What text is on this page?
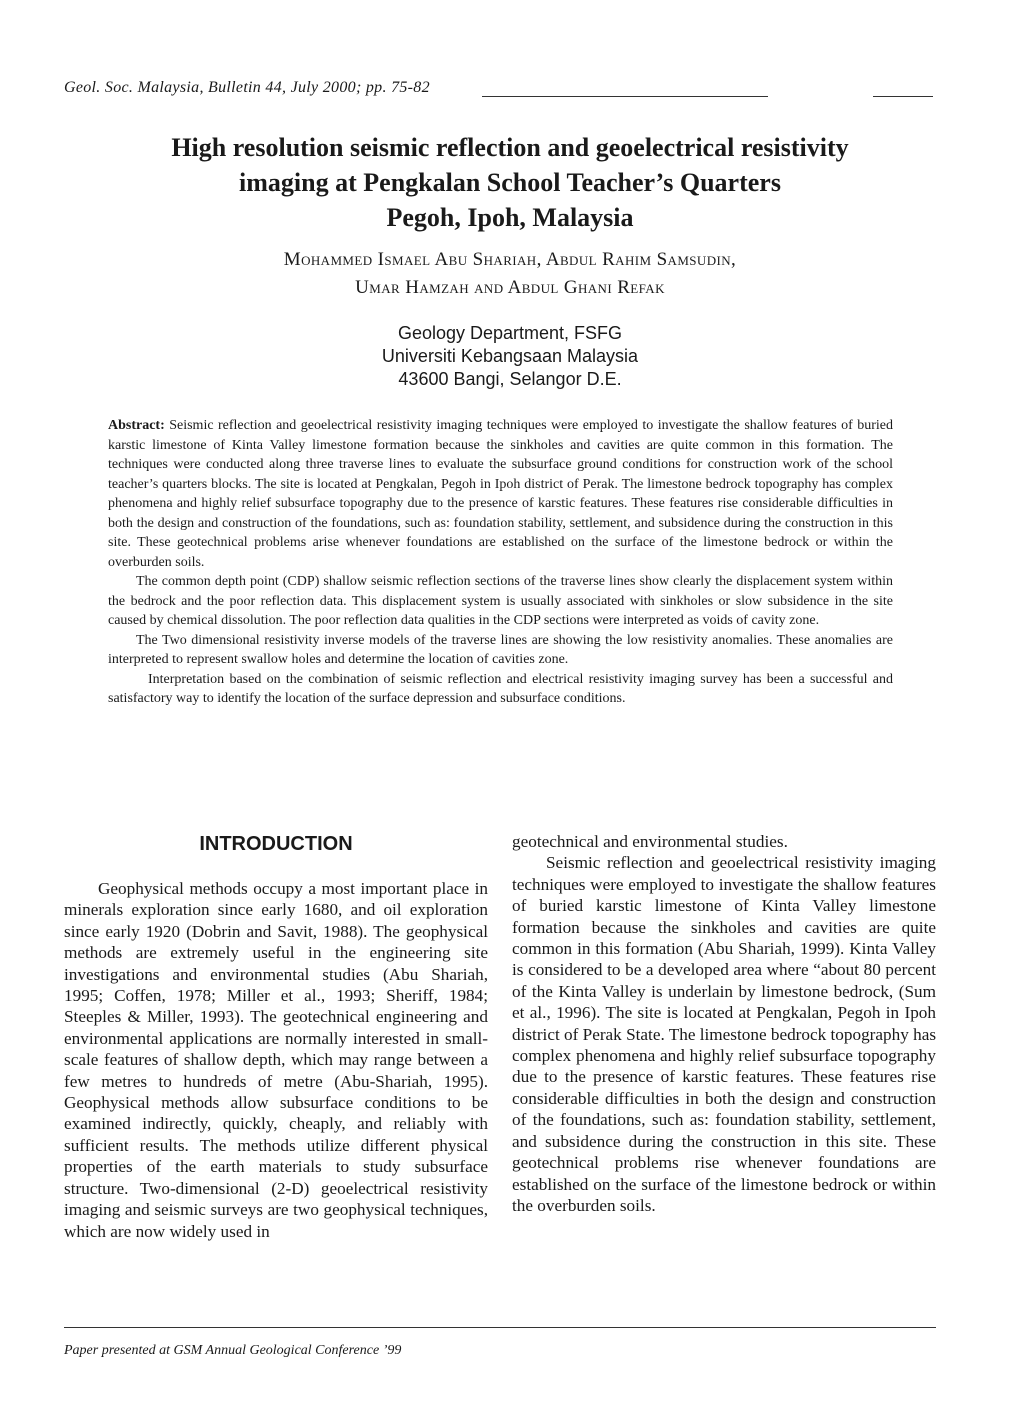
Geol. Soc. Malaysia, Bulletin 44, July 2000; pp. 75-82
High resolution seismic reflection and geoelectrical resistivity
imaging at Pengkalan School Teacher’s Quarters
Pegoh, Ipoh, Malaysia
Mohammed Ismael Abu Shariah, Abdul Rahim Samsudin,
Umar Hamzah and Abdul Ghani Refak
Geology Department, FSFG
Universiti Kebangsaan Malaysia
43600 Bangi, Selangor D.E.

Abstract: Seismic reflection and geoelectrical resistivity imaging techniques were employed to investigate the shallow features of buried karstic limestone of Kinta Valley limestone formation because the sinkholes and cavities are quite common in this formation. The techniques were conducted along three traverse lines to evaluate the subsurface ground conditions for construction work of the school teacher’s quarters blocks. The site is located at Pengkalan, Pegoh in Ipoh district of Perak. The limestone bedrock topography has complex phenomena and highly relief subsurface topography due to the presence of karstic features. These features rise considerable difficulties in both the design and construction of the foundations, such as: foundation stability, settlement, and subsidence during the construction in this site. These geotechnical problems arise whenever foundations are established on the surface of the limestone bedrock or within the overburden soils.

The common depth point (CDP) shallow seismic reflection sections of the traverse lines show clearly the displacement system within the bedrock and the poor reflection data. This displacement system is usually associated with sinkholes or slow subsidence in the site caused by chemical dissolution. The poor reflection data qualities in the CDP sections were interpreted as voids of cavity zone.

The Two dimensional resistivity inverse models of the traverse lines are showing the low resistivity anomalies. These anomalies are interpreted to represent swallow holes and determine the location of cavities zone.

Interpretation based on the combination of seismic reflection and electrical resistivity imaging survey has been a successful and satisfactory way to identify the location of the surface depression and subsurface conditions.

INTRODUCTION

Geophysical methods occupy a most important place in minerals exploration since early 1680, and oil exploration since early 1920 (Dobrin and Savit, 1988). The geophysical methods are extremely useful in the engineering site investigations and environmental studies (Abu Shariah, 1995; Coffen, 1978; Miller et al., 1993; Sheriff, 1984; Steeples & Miller, 1993). The geotechnical engineering and environmental applications are normally interested in small-scale features of shallow depth, which may range between a few metres to hundreds of metre (Abu-Shariah, 1995). Geophysical methods allow subsurface conditions to be examined indirectly, quickly, cheaply, and reliably with sufficient results. The methods utilize different physical properties of the earth materials to study subsurface structure. Two-dimensional (2-D) geoelectrical resistivity imaging and seismic surveys are two geophysical techniques, which are now widely used in

geotechnical and environmental studies.

Seismic reflection and geoelectrical resistivity imaging techniques were employed to investigate the shallow features of buried karstic limestone of Kinta Valley limestone formation because the sinkholes and cavities are quite common in this formation (Abu Shariah, 1999). Kinta Valley is considered to be a developed area where “about 80 percent of the Kinta Valley is underlain by limestone bedrock, (Sum et al., 1996). The site is located at Pengkalan, Pegoh in Ipoh district of Perak State. The limestone bedrock topography has complex phenomena and highly relief subsurface topography due to the presence of karstic features. These features rise considerable difficulties in both the design and construction of the foundations, such as: foundation stability, settlement, and subsidence during the construction in this site. These geotechnical problems rise whenever foundations are established on the surface of the limestone bedrock or within the overburden soils.

Paper presented at GSM Annual Geological Conference ’99
